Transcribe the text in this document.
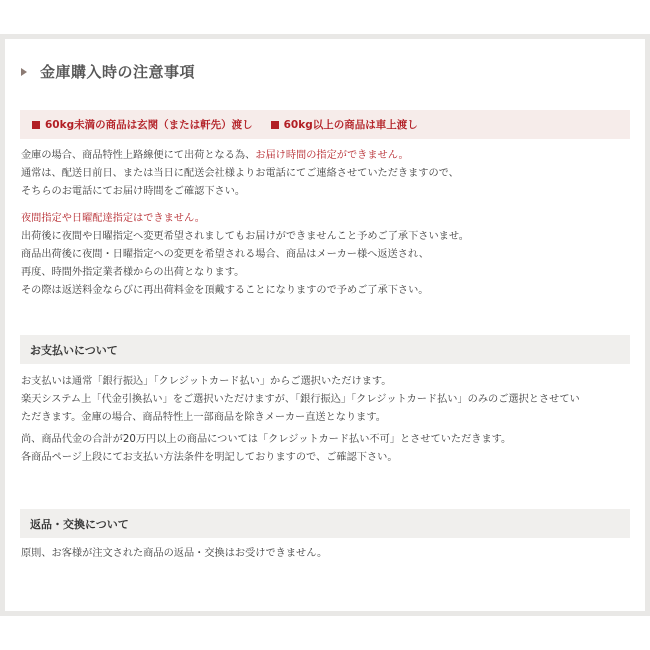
金庫購入時の注意事項
60kg未満の商品は玄関（または軒先）渡し	60kg以上の商品は車上渡し
金庫の場合、商品特性上路線便にて出荷となる為、お届け時間の指定ができません。
通常は、配送日前日、または当日に配送会社様よりお電話にてご連絡させていただきますので、
そちらのお電話にてお届け時間をご確認下さい。
夜間指定や日曜配達指定はできません。
出荷後に夜間や日曜指定へ変更希望されましてもお届けができませんこと予めご了承下さいませ。
商品出荷後に夜間・日曜指定への変更を希望される場合、商品はメーカー様へ返送され、
再度、時間外指定業者様からの出荷となります。
その際は返送料金ならびに再出荷料金を頂戴することになりますので予めご了承下さい。
お支払いについて
お支払いは通常「銀行振込」「クレジットカード払い」からご選択いただけます。
楽天システム上「代金引換払い」をご選択いただけますが、「銀行振込」「クレジットカード払い」のみのご選択とさせてい
ただきます。金庫の場合、商品特性上一部商品を除きメーカー直送となります。
尚、商品代金の合計が20万円以上の商品については「クレジットカード払い不可」とさせていただきます。
各商品ページ上段にてお支払い方法条件を明記しておりますので、ご確認下さい。
返品・交換について
原則、お客様が注文された商品の返品・交換はお受けできません。
